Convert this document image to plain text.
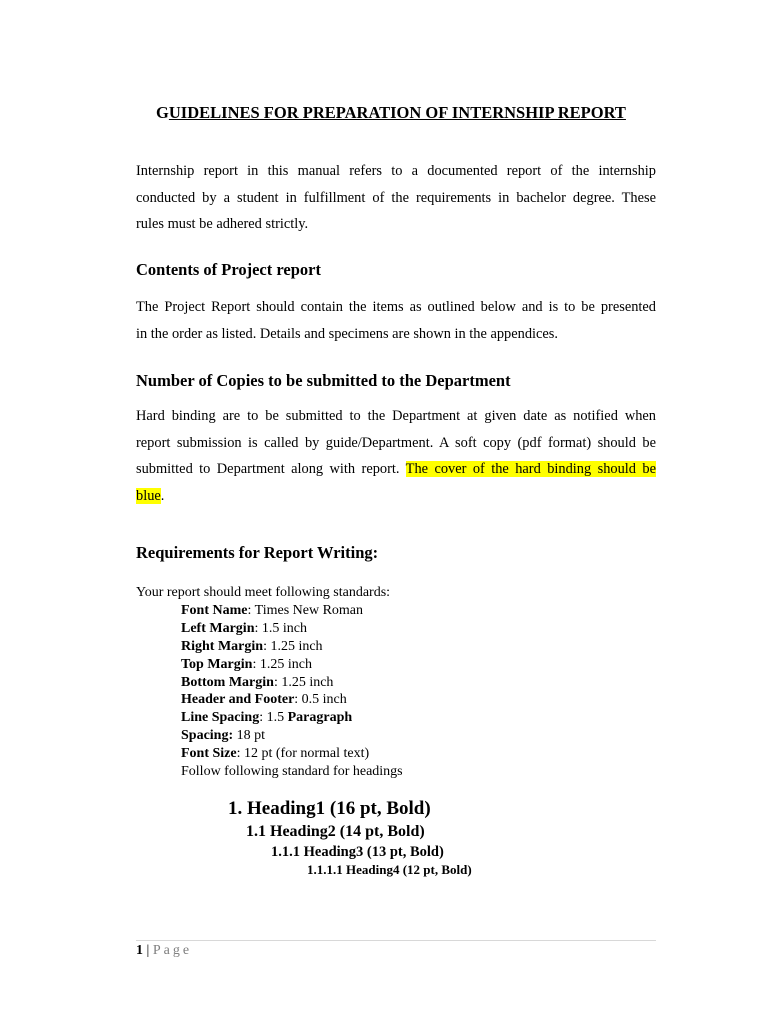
GUIDELINES FOR PREPARATION OF INTERNSHIP REPORT
Internship report in this manual refers to a documented report of the internship
conducted by a student in fulfillment of the requirements in bachelor degree. These
rules must be adhered strictly.
Contents of Project report
The Project Report should contain the items as outlined below and is to be presented
in the order as listed. Details and specimens are shown in the appendices.
Number of Copies to be submitted to the Department
Hard binding are to be submitted to the Department at given date as notified when
report submission is called by guide/Department. A soft copy (pdf format) should be
submitted to Department along with report. The cover of the hard binding should be
blue.
Requirements for Report Writing:
Your report should meet following standards:
Font Name: Times New Roman
Left Margin: 1.5 inch
Right Margin: 1.25 inch
Top Margin: 1.25 inch
Bottom Margin: 1.25 inch
Header and Footer: 0.5 inch
Line Spacing: 1.5 Paragraph
Spacing: 18 pt
Font Size: 12 pt (for normal text)
Follow following standard for headings
1. Heading1 (16 pt, Bold)
1.1 Heading2 (14 pt, Bold)
1.1.1 Heading3 (13 pt, Bold)
1.1.1.1 Heading4 (12 pt, Bold)
1 | Page
